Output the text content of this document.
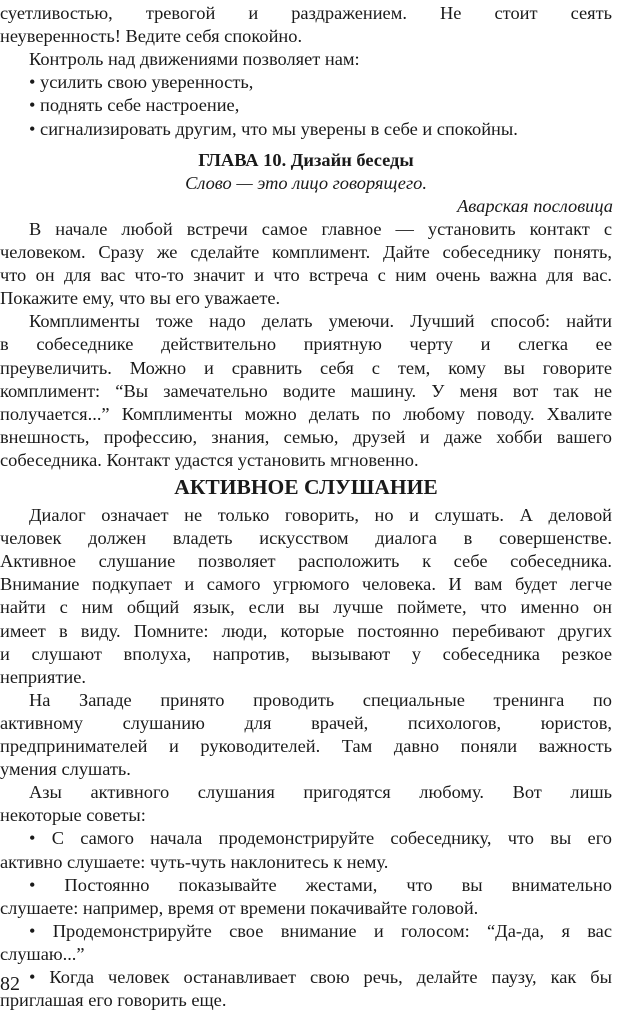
суетливостью, тревогой и раздражением. Не стоит сеять
неуверенность! Ведите себя спокойно.
Контроль над движениями позволяет нам:
• усилить свою уверенность,
• поднять себе настроение,
• сигнализировать другим, что мы уверены в себе и спокойны.
ГЛАВА 10. Дизайн беседы
Слово — это лицо говорящего.
Аварская пословица
В начале любой встречи самое главное — установить контакт с
человеком. Сразу же сделайте комплимент. Дайте собеседнику понять,
что он для вас что-то значит и что встреча с ним очень важна для вас.
Покажите ему, что вы его уважаете.
Комплименты тоже надо делать умеючи. Лучший способ: найти
в собеседнике действительно приятную черту и слегка ее
преувеличить. Можно и сравнить себя с тем, кому вы говорите
комплимент: “Вы замечательно водите машину. У меня вот так не
получается...” Комплименты можно делать по любому поводу. Хвалите
внешность, профессию, знания, семью, друзей и даже хобби вашего
собеседника. Контакт удастся установить мгновенно.
АКТИВНОЕ СЛУШАНИЕ
Диалог означает не только говорить, но и слушать. А деловой
человек должен владеть искусством диалога в совершенстве.
Активное слушание позволяет расположить к себе собеседника.
Внимание подкупает и самого угрюмого человека. И вам будет легче
найти с ним общий язык, если вы лучше поймете, что именно он
имеет в виду. Помните: люди, которые постоянно перебивают других
и слушают вполуха, напротив, вызывают у собеседника резкое
неприятие.
На Западе принято проводить специальные тренинга по
активному слушанию для врачей, психологов, юристов,
предпринимателей и руководителей. Там давно поняли важность
умения слушать.
Азы активного слушания пригодятся любому. Вот лишь
некоторые советы:
• С самого начала продемонстрируйте собеседнику, что вы его
активно слушаете: чуть-чуть наклонитесь к нему.
• Постоянно показывайте жестами, что вы внимательно
слушаете: например, время от времени покачивайте головой.
• Продемонстрируйте свое внимание и голосом: “Да-да, я вас
слушаю...”
• Когда человек останавливает свою речь, делайте паузу, как бы
приглашая его говорить еще.
82
